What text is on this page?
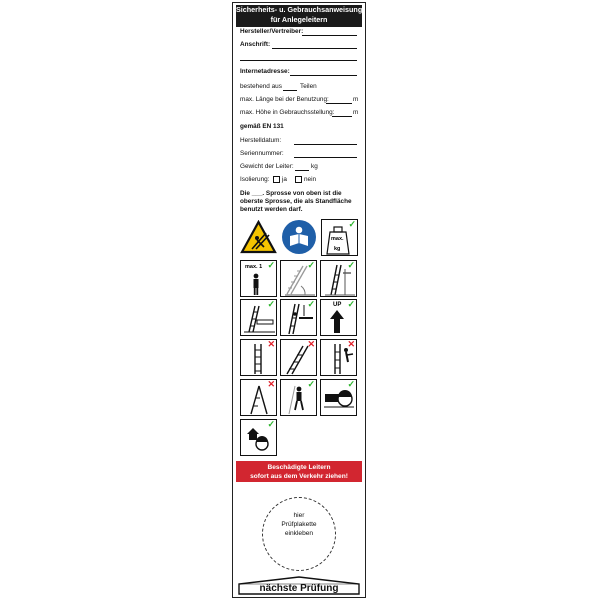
Sicherheits- u. Gebrauchsanweisung
für Anlegeleitern
Hersteller/Vertreiber:
Anschrift:
Internetadresse:
bestehend aus	Teilen
max. Länge bei der Benutzung:	m
max. Höhe in Gebrauchsstellung:	m
gemäß EN 131
Herstelldatum:
Seriennummer:
Gewicht der Leiter:	kg
Isolierung: ja	nein
Die ___. Sprosse von oben ist die
oberste Sprosse, die als Standfläche
benutzt werden darf.
max.
kg
✓
max. 1 ✓	✓	✓
✓	✓	UP ✓
✕	✕	✕
✕	✓	✓
✓
Beschädigte Leitern
sofort aus dem Verkehr ziehen!
hier
Prüfplakette
einkleben
nächste Prüfung
